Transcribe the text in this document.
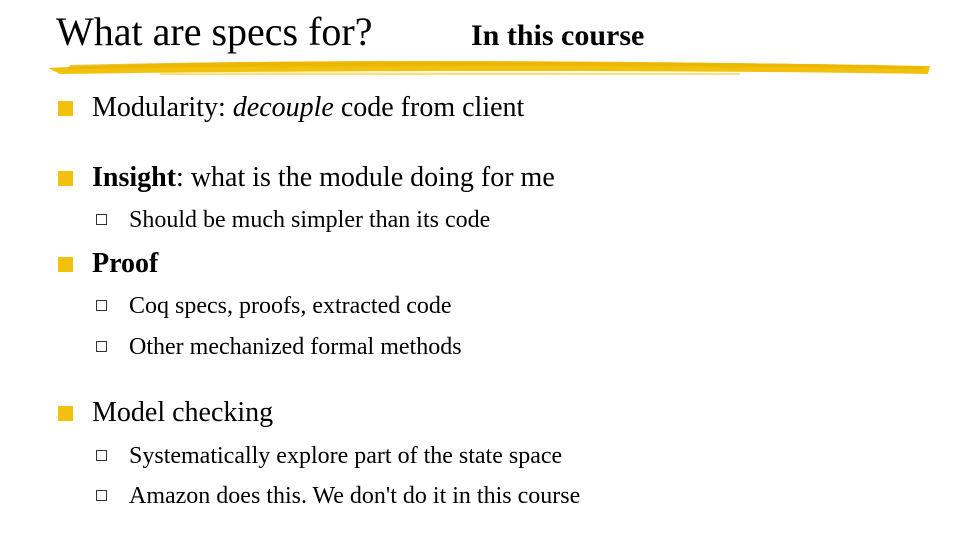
What are specs for?	In this course
Modularity: decouple code from client
Insight: what is the module doing for me
Should be much simpler than its code
Proof
Coq specs, proofs, extracted code
Other mechanized formal methods
Model checking
Systematically explore part of the state space
Amazon does this. We don't do it in this course
